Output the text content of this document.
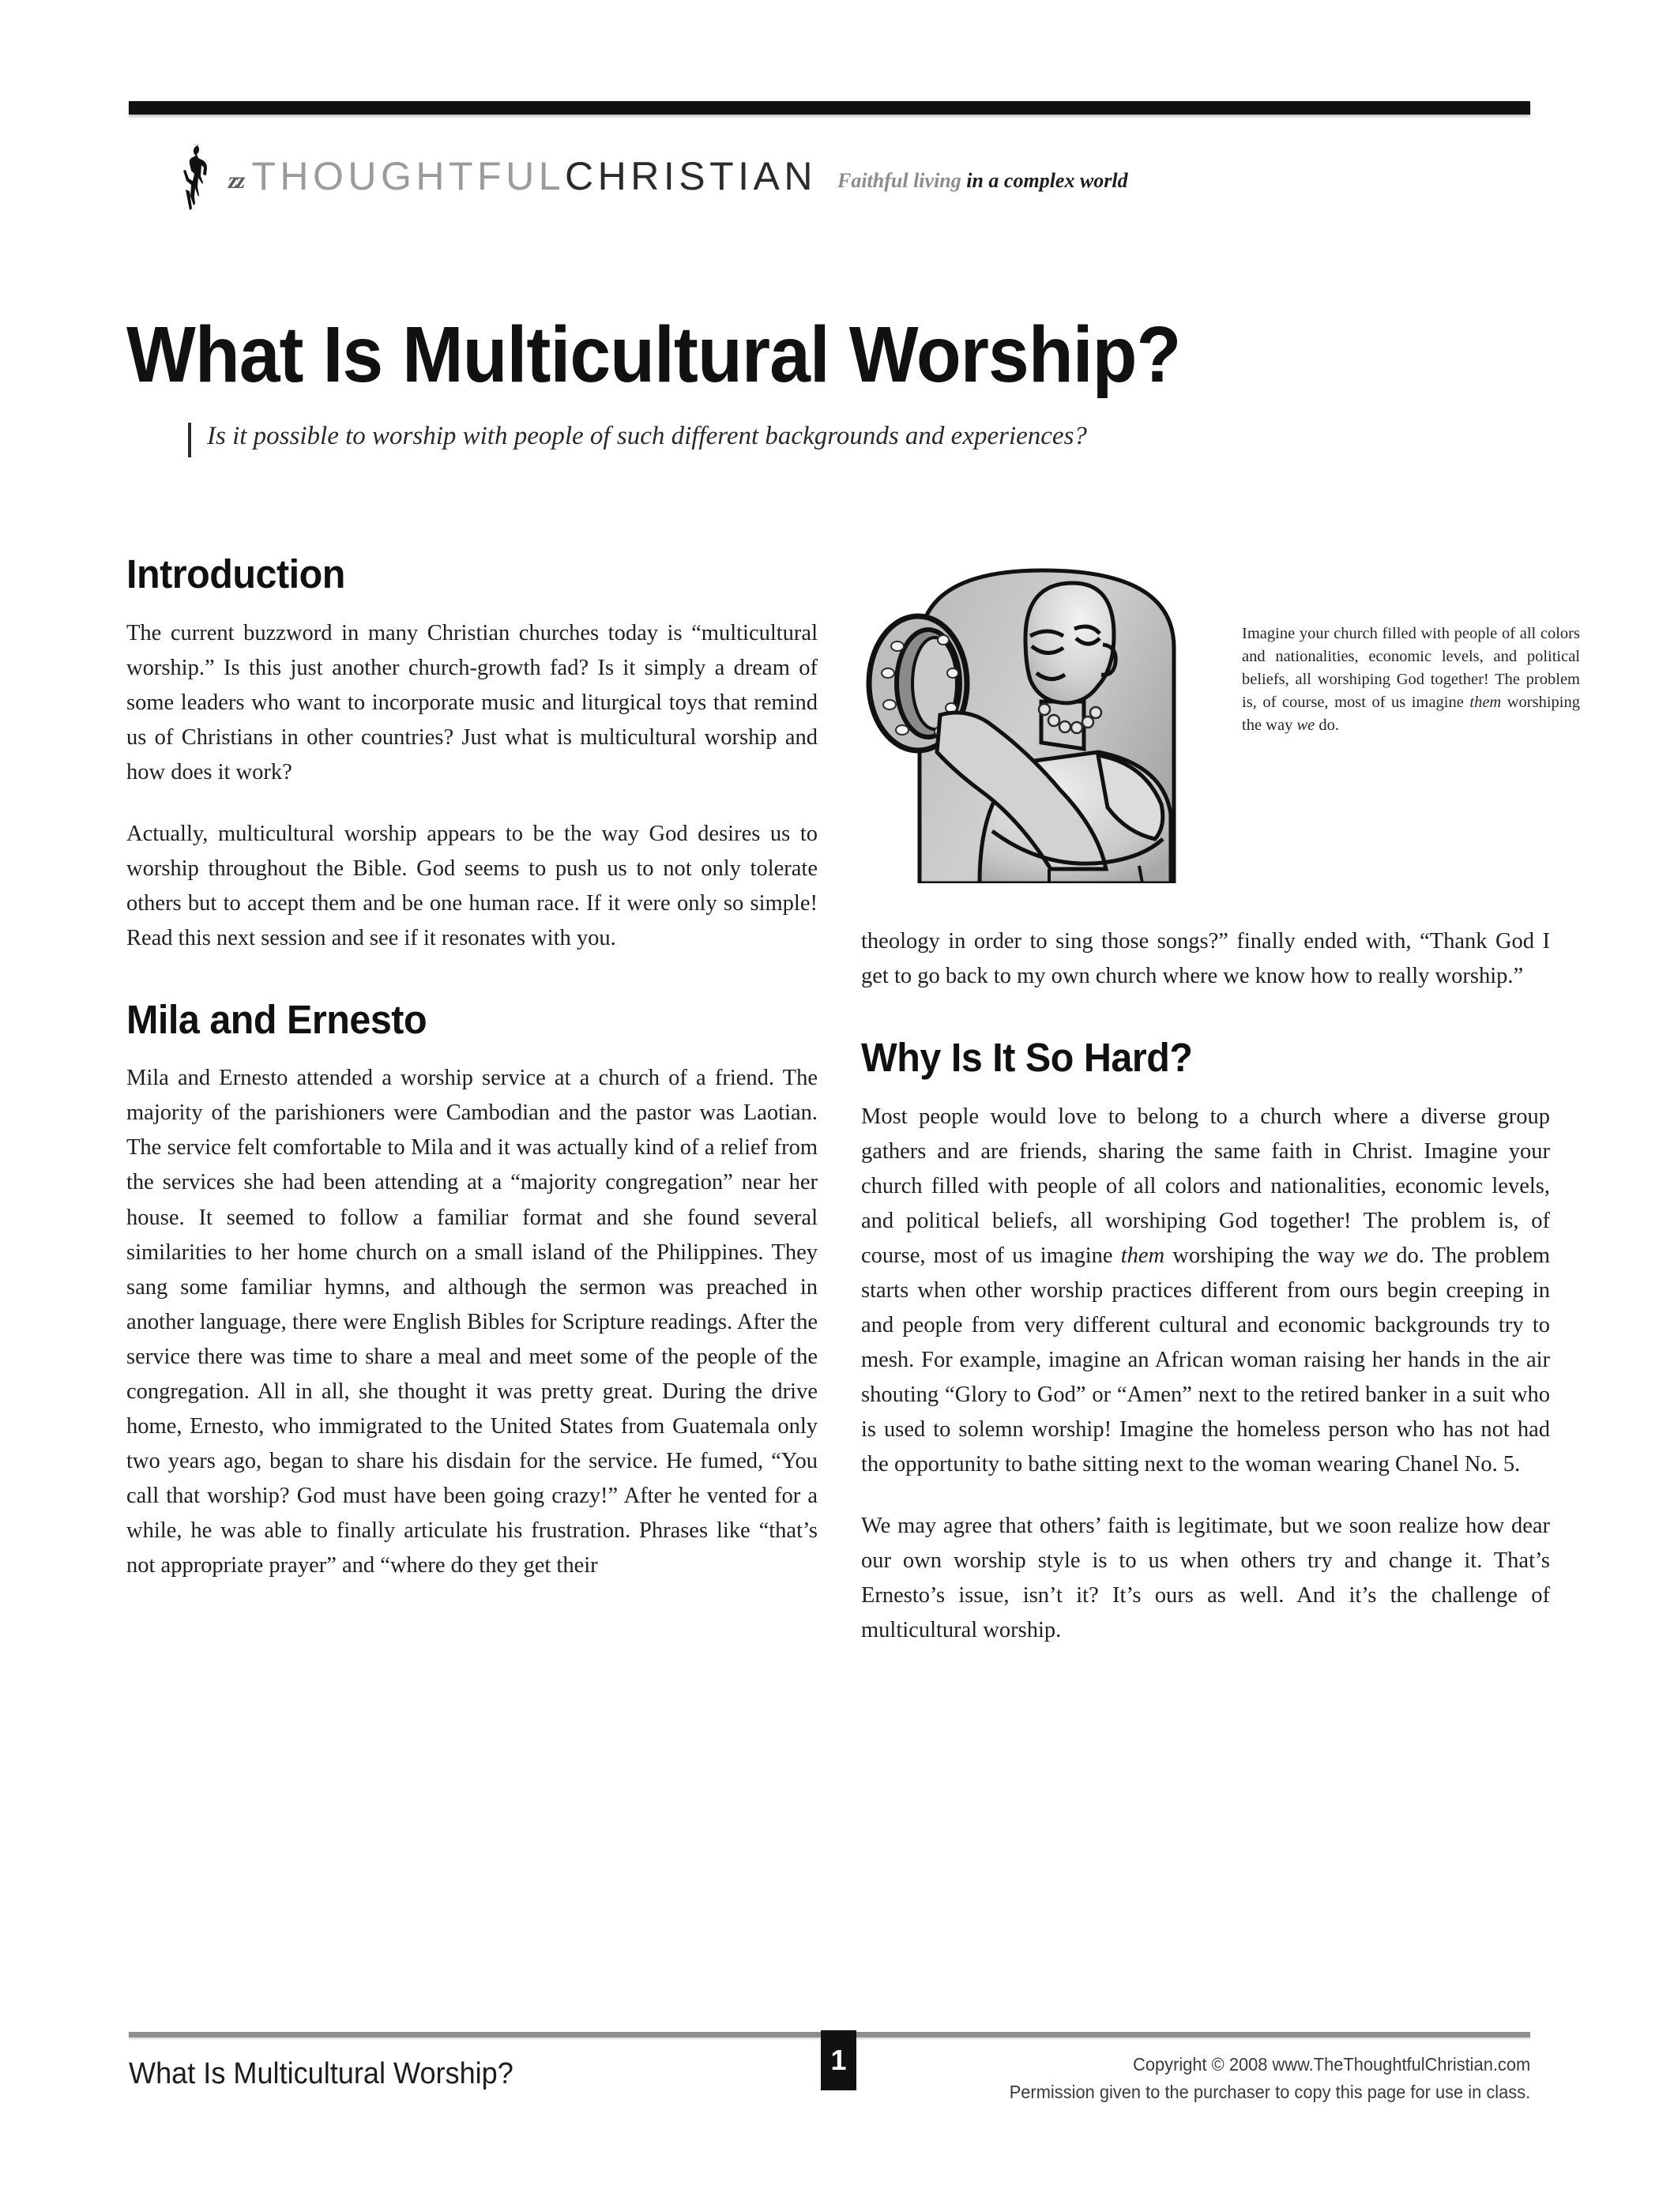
zz THOUGHTFULCHRISTIAN Faithful living in a complex world
What Is Multicultural Worship?
Is it possible to worship with people of such different backgrounds and experiences?
Introduction

The current buzzword in many Christian churches today is “multicultural worship.” Is this just another church-growth fad? Is it simply a dream of some leaders who want to incorporate music and liturgical toys that remind us of Christians in other countries? Just what is multicultural worship and how does it work?

Actually, multicultural worship appears to be the way God desires us to worship throughout the Bible. God seems to push us to not only tolerate others but to accept them and be one human race. If it were only so simple! Read this next session and see if it resonates with you.

Mila and Ernesto

Mila and Ernesto attended a worship service at a church of a friend. The majority of the parishioners were Cambodian and the pastor was Laotian. The service felt comfortable to Mila and it was actually kind of a relief from the services she had been attending at a “majority congregation” near her house. It seemed to follow a familiar format and she found several similarities to her home church on a small island of the Philippines. They sang some familiar hymns, and although the sermon was preached in another language, there were English Bibles for Scripture readings. After the service there was time to share a meal and meet some of the people of the congregation. All in all, she thought it was pretty great. During the drive home, Ernesto, who immigrated to the United States from Guatemala only two years ago, began to share his disdain for the service. He fumed, “You call that worship? God must have been going crazy!” After he vented for a while, he was able to finally articulate his frustration. Phrases like “that’s not appropriate prayer” and “where do they get their

Imagine your church filled with people of all colors and nationalities, economic levels, and political beliefs, all worshiping God together! The problem is, of course, most of us imagine them worshiping the way we do.

theology in order to sing those songs?” finally ended with, “Thank God I get to go back to my own church where we know how to really worship.”

Why Is It So Hard?

Most people would love to belong to a church where a diverse group gathers and are friends, sharing the same faith in Christ. Imagine your church filled with people of all colors and nationalities, economic levels, and political beliefs, all worshiping God together! The problem is, of course, most of us imagine them worshiping the way we do. The problem starts when other worship practices different from ours begin creeping in and people from very different cultural and economic backgrounds try to mesh. For example, imagine an African woman raising her hands in the air shouting “Glory to God” or “Amen” next to the retired banker in a suit who is used to solemn worship! Imagine the homeless person who has not had the opportunity to bathe sitting next to the woman wearing Chanel No. 5.

We may agree that others’ faith is legitimate, but we soon realize how dear our own worship style is to us when others try and change it. That’s Ernesto’s issue, isn’t it? It’s ours as well. And it’s the challenge of multicultural worship.

What Is Multicultural Worship?	1	Copyright © 2008 www.TheThoughtfulChristian.com
Permission given to the purchaser to copy this page for use in class.
